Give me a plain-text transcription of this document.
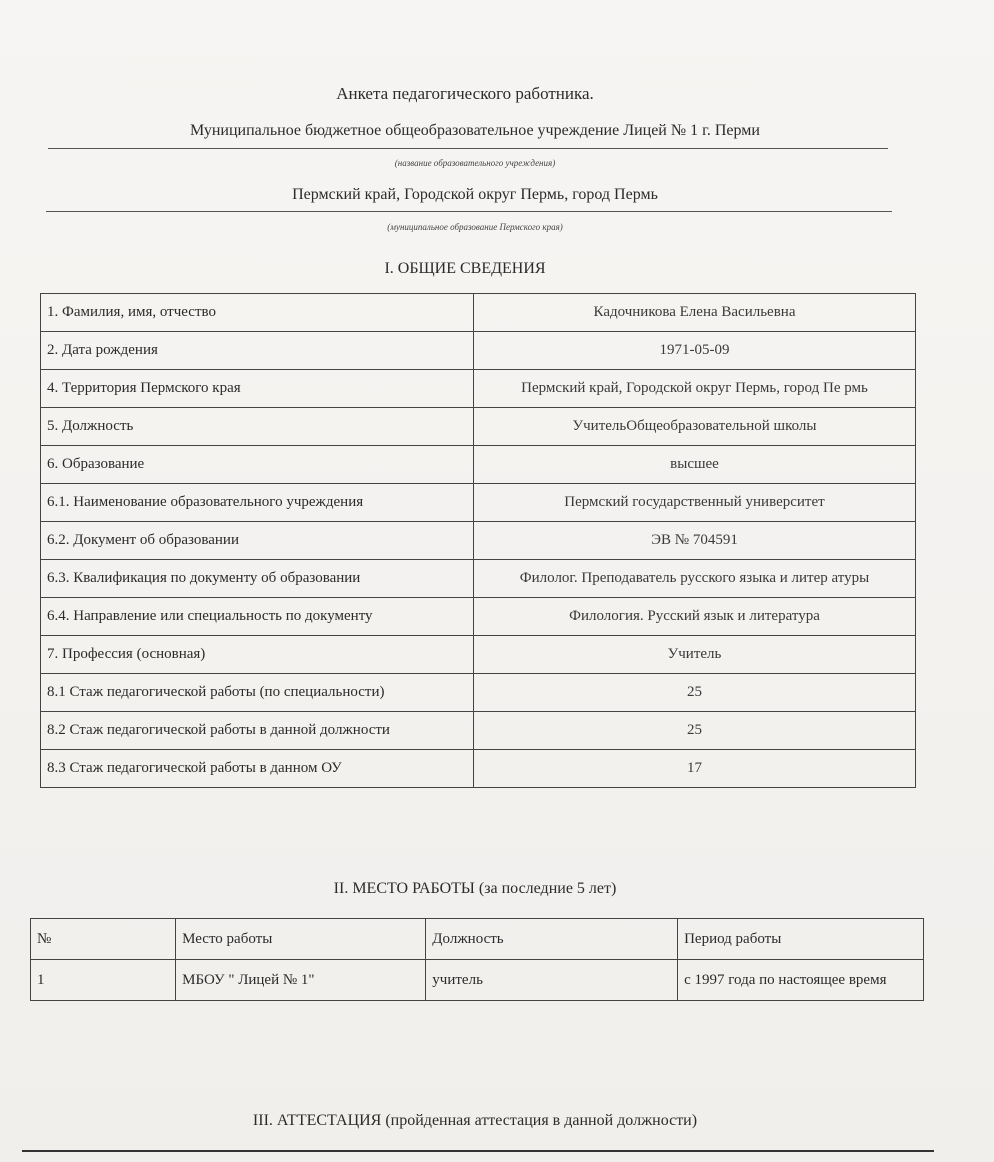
Анкета педагогического работника.
Муниципальное бюджетное общеобразовательное учреждение Лицей № 1 г. Перми
(название образовательного учреждения)
Пермский край, Городской округ Пермь, город Пермь
(муниципальное образование Пермского края)
I. ОБЩИЕ СВЕДЕНИЯ
1. Фамилия, имя, отчество	Кадочникова Елена Васильевна
2. Дата рождения	1971-05-09
4. Территория Пермского края	Пермский край, Городской округ Пермь, город Пе рмь
5. Должность	УчительОбщеобразовательной школы
6. Образование	высшее
6.1. Наименование образовательного учреждения	Пермский государственный университет
6.2. Документ об образовании	ЭВ № 704591
6.3. Квалификация по документу об образовании	Филолог. Преподаватель русского языка и литер атуры
6.4. Направление или специальность по документу	Филология. Русский язык и литература
7. Профессия (основная)	Учитель
8.1 Стаж педагогической работы (по специальности)	25
8.2 Стаж педагогической работы в данной должности	25
8.3 Стаж педагогической работы в данном ОУ	17
II. МЕСТО РАБОТЫ (за последние 5 лет)
№	Место работы	Должность	Период работы
1	МБОУ " Лицей № 1"	учитель	с 1997 года по настоящее время
III. АТТЕСТАЦИЯ (пройденная аттестация в данной должности)
